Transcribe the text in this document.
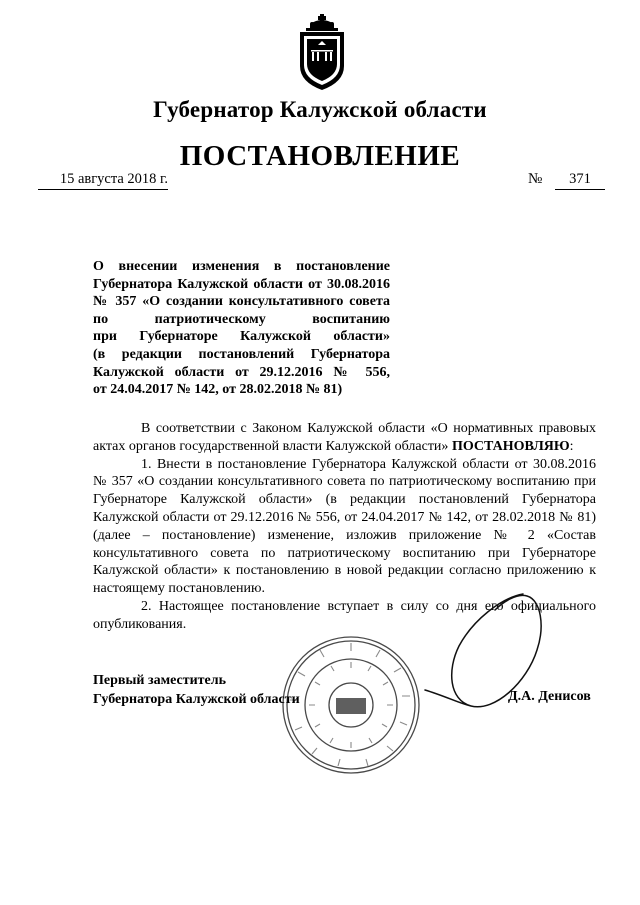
Губернатор Калужской области
ПОСТАНОВЛЕНИЕ
15 августа 2018 г.	№	371
О внесении изменения в постановление
Губернатора Калужской области от 30.08.2016
№ 357 «О создании консультативного совета
по патриотическому воспитанию
при Губернаторе Калужской области»
(в редакции постановлений Губернатора
Калужской области от 29.12.2016 № 556,
от 24.04.2017 № 142, от 28.02.2018 № 81)

В соответствии с Законом Калужской области «О нормативных правовых актах органов государственной власти Калужской области» ПОСТАНОВЛЯЮ:

1. Внести в постановление Губернатора Калужской области от 30.08.2016 № 357 «О создании консультативного совета по патриотическому воспитанию при Губернаторе Калужской области» (в редакции постановлений Губернатора Калужской области от 29.12.2016 № 556, от 24.04.2017 № 142, от 28.02.2018 № 81) (далее – постановление) изменение, изложив приложение № 2 «Состав консультативного совета по патриотическому воспитанию при Губернаторе Калужской области» к постановлению в новой редакции согласно приложению к настоящему постановлению.

2. Настоящее постановление вступает в силу со дня его официального опубликования.

Первый заместитель
Губернатора Калужской области	Д.А. Денисов
